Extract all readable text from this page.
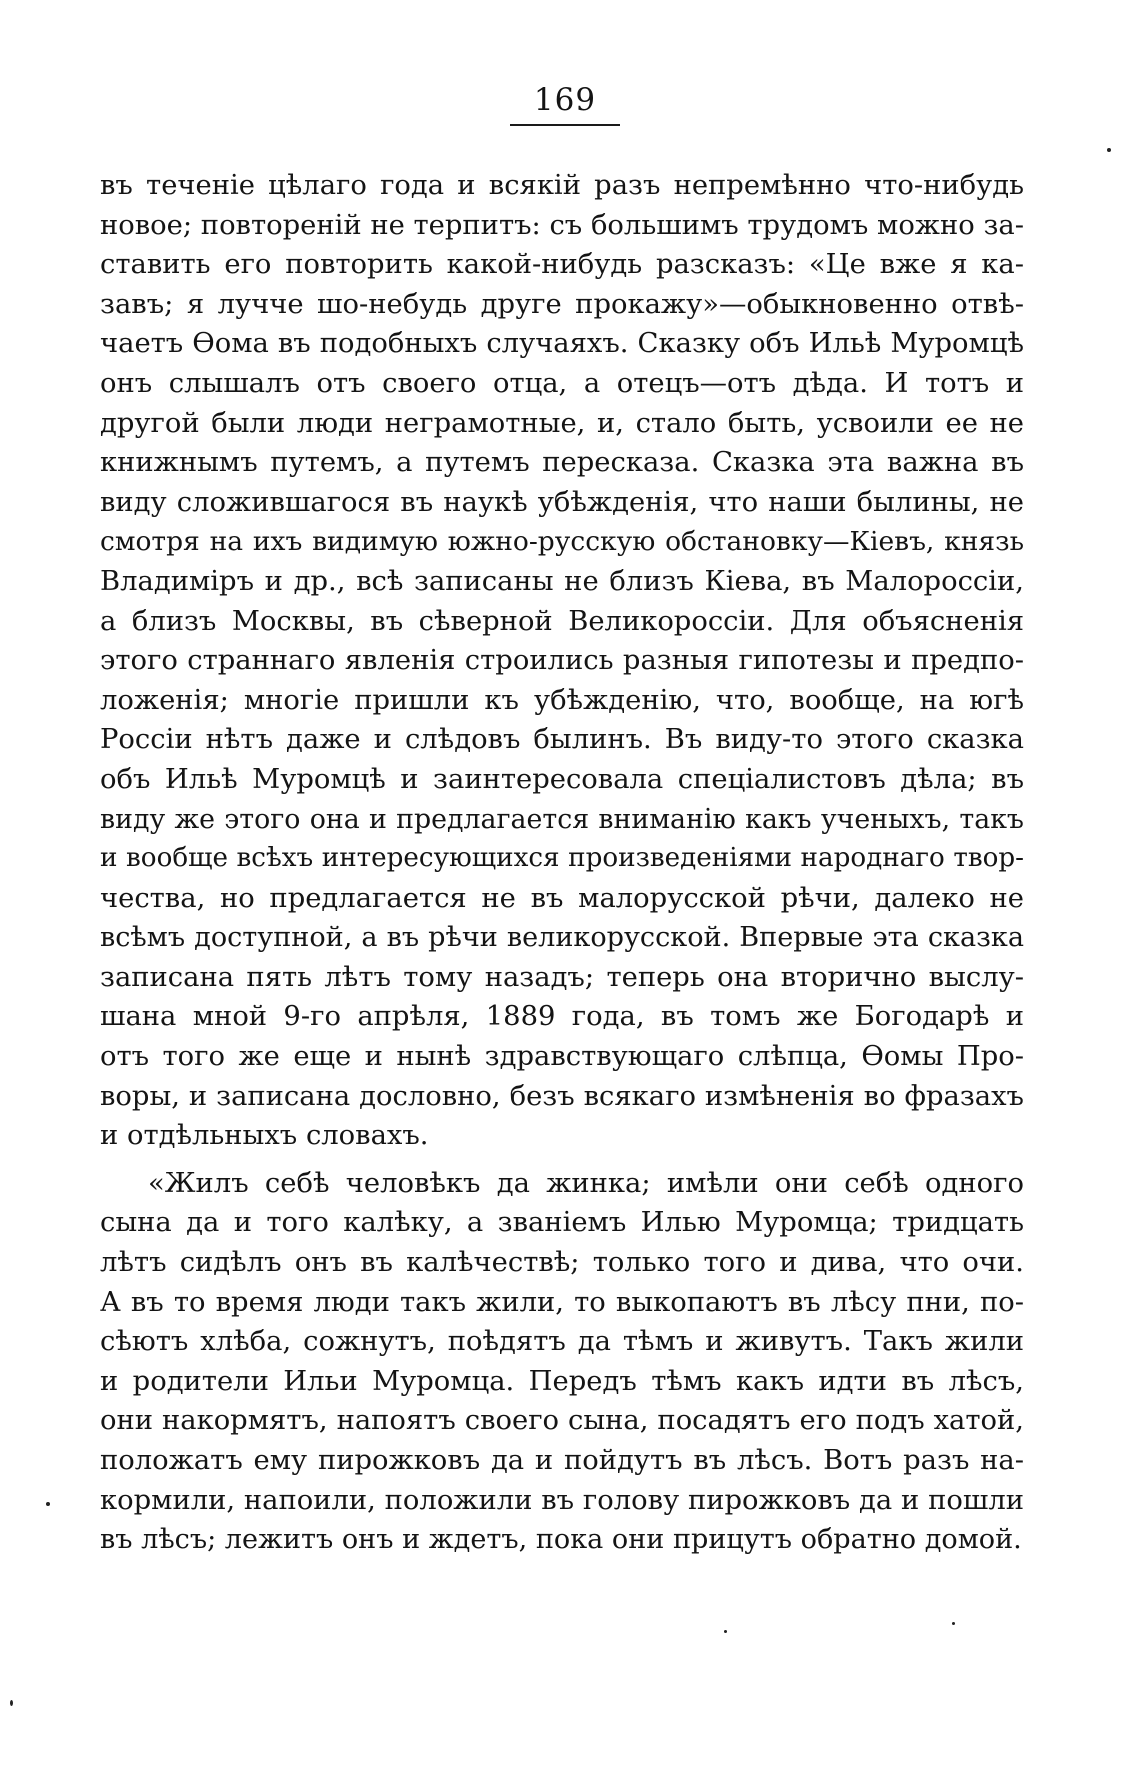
169
въ теченіе цѣлаго года и всякій разъ непремѣнно что-нибудь
новое; повтореній не терпитъ: съ большимъ трудомъ можно за-
ставить его повторить какой-нибудь разсказъ: «Це вже я ка-
завъ; я лучче шо-небудь друге прокажу»—обыкновенно отвѣ-
чаетъ Ѳома въ подобныхъ случаяхъ. Сказку объ Ильѣ Муромцѣ
онъ слышалъ отъ своего отца, а отецъ—отъ дѣда. И тотъ и
другой были люди неграмотные, и, стало быть, усвоили ее не
книжнымъ путемъ, а путемъ пересказа. Сказка эта важна въ
виду сложившагося въ наукѣ убѣжденія, что наши былины, не
смотря на ихъ видимую южно-русскую обстановку—Кіевъ, князь
Владиміръ и др., всѣ записаны не близъ Кіева, въ Малороссіи,
а близъ Москвы, въ сѣверной Великороссіи. Для объясненія
этого страннаго явленія строились разныя гипотезы и предпо-
ложенія; многіе пришли къ убѣжденію, что, вообще, на югѣ
Россіи нѣтъ даже и слѣдовъ былинъ. Въ виду-то этого сказка
объ Ильѣ Муромцѣ и заинтересовала спеціалистовъ дѣла; въ
виду же этого она и предлагается вниманію какъ ученыхъ, такъ
и вообще всѣхъ интересующихся произведеніями народнаго твор-
чества, но предлагается не въ малорусской рѣчи, далеко не
всѣмъ доступной, а въ рѣчи великорусской. Впервые эта сказка
записана пять лѣтъ тому назадъ; теперь она вторично выслу-
шана мной 9-го апрѣля, 1889 года, въ томъ же Богодарѣ и
отъ того же еще и нынѣ здравствующаго слѣпца, Ѳомы Про-
воры, и записана дословно, безъ всякаго измѣненія во фразахъ
и отдѣльныхъ словахъ.
«Жилъ себѣ человѣкъ да жинка; имѣли они себѣ одного
сына да и того калѣку, а званіемъ Илью Муромца; тридцать
лѣтъ сидѣлъ онъ въ калѣчествѣ; только того и дива, что очи.
А въ то время люди такъ жили, то выкопаютъ въ лѣсу пни, по-
сѣютъ хлѣба, сожнутъ, поѣдятъ да тѣмъ и живутъ. Такъ жили
и родители Ильи Муромца. Передъ тѣмъ какъ идти въ лѣсъ,
они накормятъ, напоятъ своего сына, посадятъ его подъ хатой,
положатъ ему пирожковъ да и пойдутъ въ лѣсъ. Вотъ разъ на-
кормили, напоили, положили въ голову пирожковъ да и пошли
въ лѣсъ; лежитъ онъ и ждетъ, пока они прицутъ обратно домой.
